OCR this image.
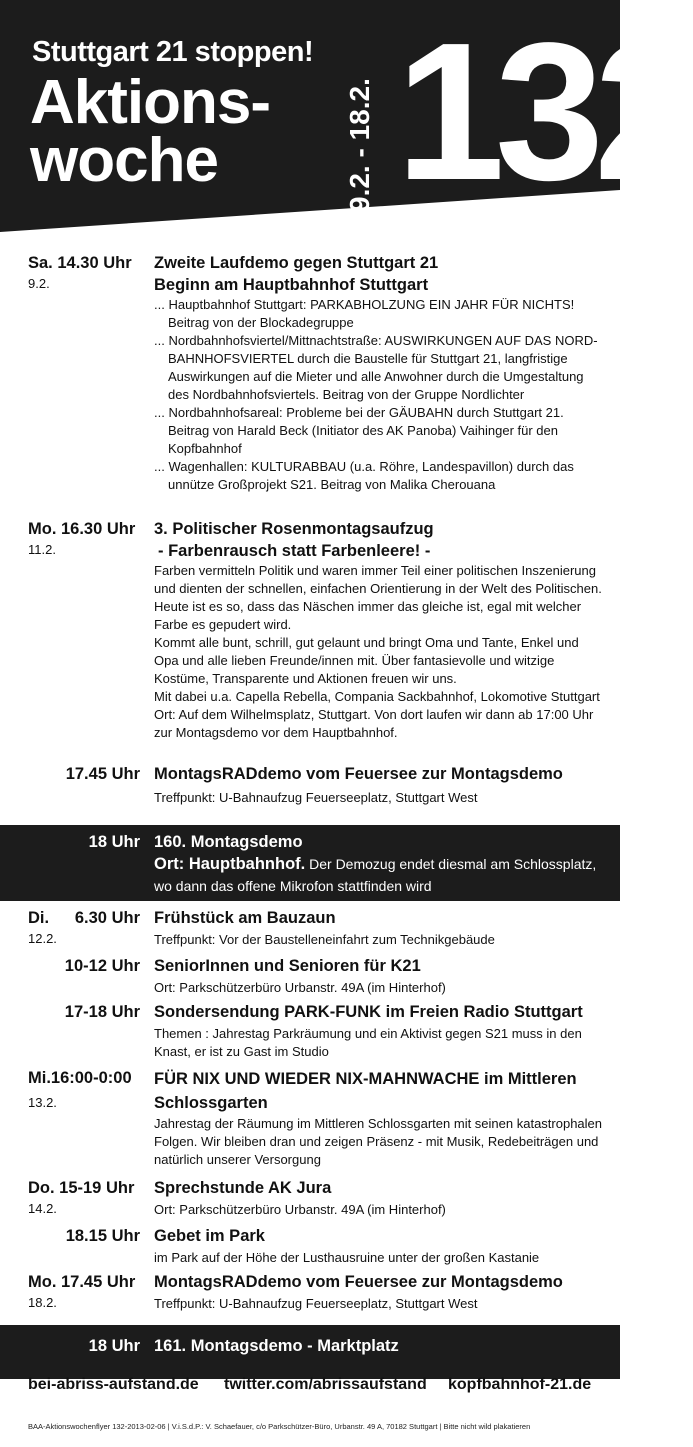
Stuttgart 21 stoppen!
Aktions-
woche	9.2. - 18.2. 132
Sa. 14.30 Uhr
9.2.
Zweite Laufdemo gegen Stuttgart 21
Beginn am Hauptbahnhof Stuttgart
... Hauptbahnhof Stuttgart: PARKABHOLZUNG EIN JAHR FÜR NICHTS! Beitrag von der Blockadegruppe
... Nordbahnhofsviertel/Mittnachtstraße: AUSWIRKUNGEN AUF DAS NORD-BAHNHOFSVIERTEL durch die Baustelle für Stuttgart 21, langfristige Auswirkungen auf die Mieter und alle Anwohner durch die Umgestaltung des Nordbahnhofsviertels. Beitrag von der Gruppe Nordlichter
... Nordbahnhofsareal: Probleme bei der GÄUBAHN durch Stuttgart 21. Beitrag von Harald Beck (Initiator des AK Panoba) Vaihinger für den Kopfbahnhof
... Wagenhallen: KULTURABBAU (u.a. Röhre, Landespavillon) durch das unnütze Großprojekt S21. Beitrag von Malika Cherouana
Mo. 16.30 Uhr
11.2.
3. Politischer Rosenmontagsaufzug
- Farbenrausch statt Farbenleere! -
Farben vermitteln Politik und waren immer Teil einer politischen Inszenierung und dienten der schnellen, einfachen Orientierung in der Welt des Politischen. Heute ist es so, dass das Näschen immer das gleiche ist, egal mit welcher Farbe es gepudert wird.
Kommt alle bunt, schrill, gut gelaunt und bringt Oma und Tante, Enkel und Opa und alle lieben Freunde/innen mit. Über fantasievolle und witzige Kostüme, Transparente und Aktionen freuen wir uns.
Mit dabei u.a. Capella Rebella, Compania Sackbahnhof, Lokomotive Stuttgart Ort: Auf dem Wilhelmsplatz, Stuttgart. Von dort laufen wir dann ab 17:00 Uhr zur Montagsdemo vor dem Hauptbahnhof.
17.45 Uhr MontagsRADdemo vom Feuersee zur Montagsdemo
Treffpunkt: U-Bahnaufzug Feuerseeplatz, Stuttgart West
18 Uhr 160. Montagsdemo
Ort: Hauptbahnhof. Der Demozug endet diesmal am Schlossplatz, wo dann das offene Mikrofon stattfinden wird
Di. 6.30 Uhr
12.2.
Frühstück am Bauzaun
Treffpunkt: Vor der Baustelleneinfahrt zum Technikgebäude
10-12 Uhr SeniorInnen und Senioren für K21
Ort: Parkschützerbüro Urbanstr. 49A (im Hinterhof)
17-18 Uhr Sondersendung PARK-FUNK im Freien Radio Stuttgart
Themen : Jahrestag Parkräumung und ein Aktivist gegen S21 muss in den Knast, er ist zu Gast im Studio
Mi.16:00-0:00
13.2.
FÜR NIX UND WIEDER NIX-MAHNWACHE im Mittleren Schlossgarten
Jahrestag der Räumung im Mittleren Schlossgarten mit seinen katastrophalen Folgen. Wir bleiben dran und zeigen Präsenz - mit Musik, Redebeiträgen und natürlich unserer Versorgung
Do. 15-19 Uhr
14.2.
Sprechstunde AK Jura
Ort: Parkschützerbüro Urbanstr. 49A (im Hinterhof)
18.15 Uhr Gebet im Park
im Park auf der Höhe der Lusthausruine unter der großen Kastanie
Mo. 17.45 Uhr
18.2.
MontagsRADdemo vom Feuersee zur Montagsdemo
Treffpunkt: U-Bahnaufzug Feuerseeplatz, Stuttgart West
18 Uhr 161. Montagsdemo - Marktplatz
bei-abriss-aufstand.de twitter.com/abrissaufstand kopfbahnhof-21.de
BAA-Aktionswochenflyer 132-2013-02-06 | V.i.S.d.P.: V. Schaefauer, c/o Parkschützer-Büro, Urbanstr. 49 A, 70182 Stuttgart | Bitte nicht wild plakatieren
